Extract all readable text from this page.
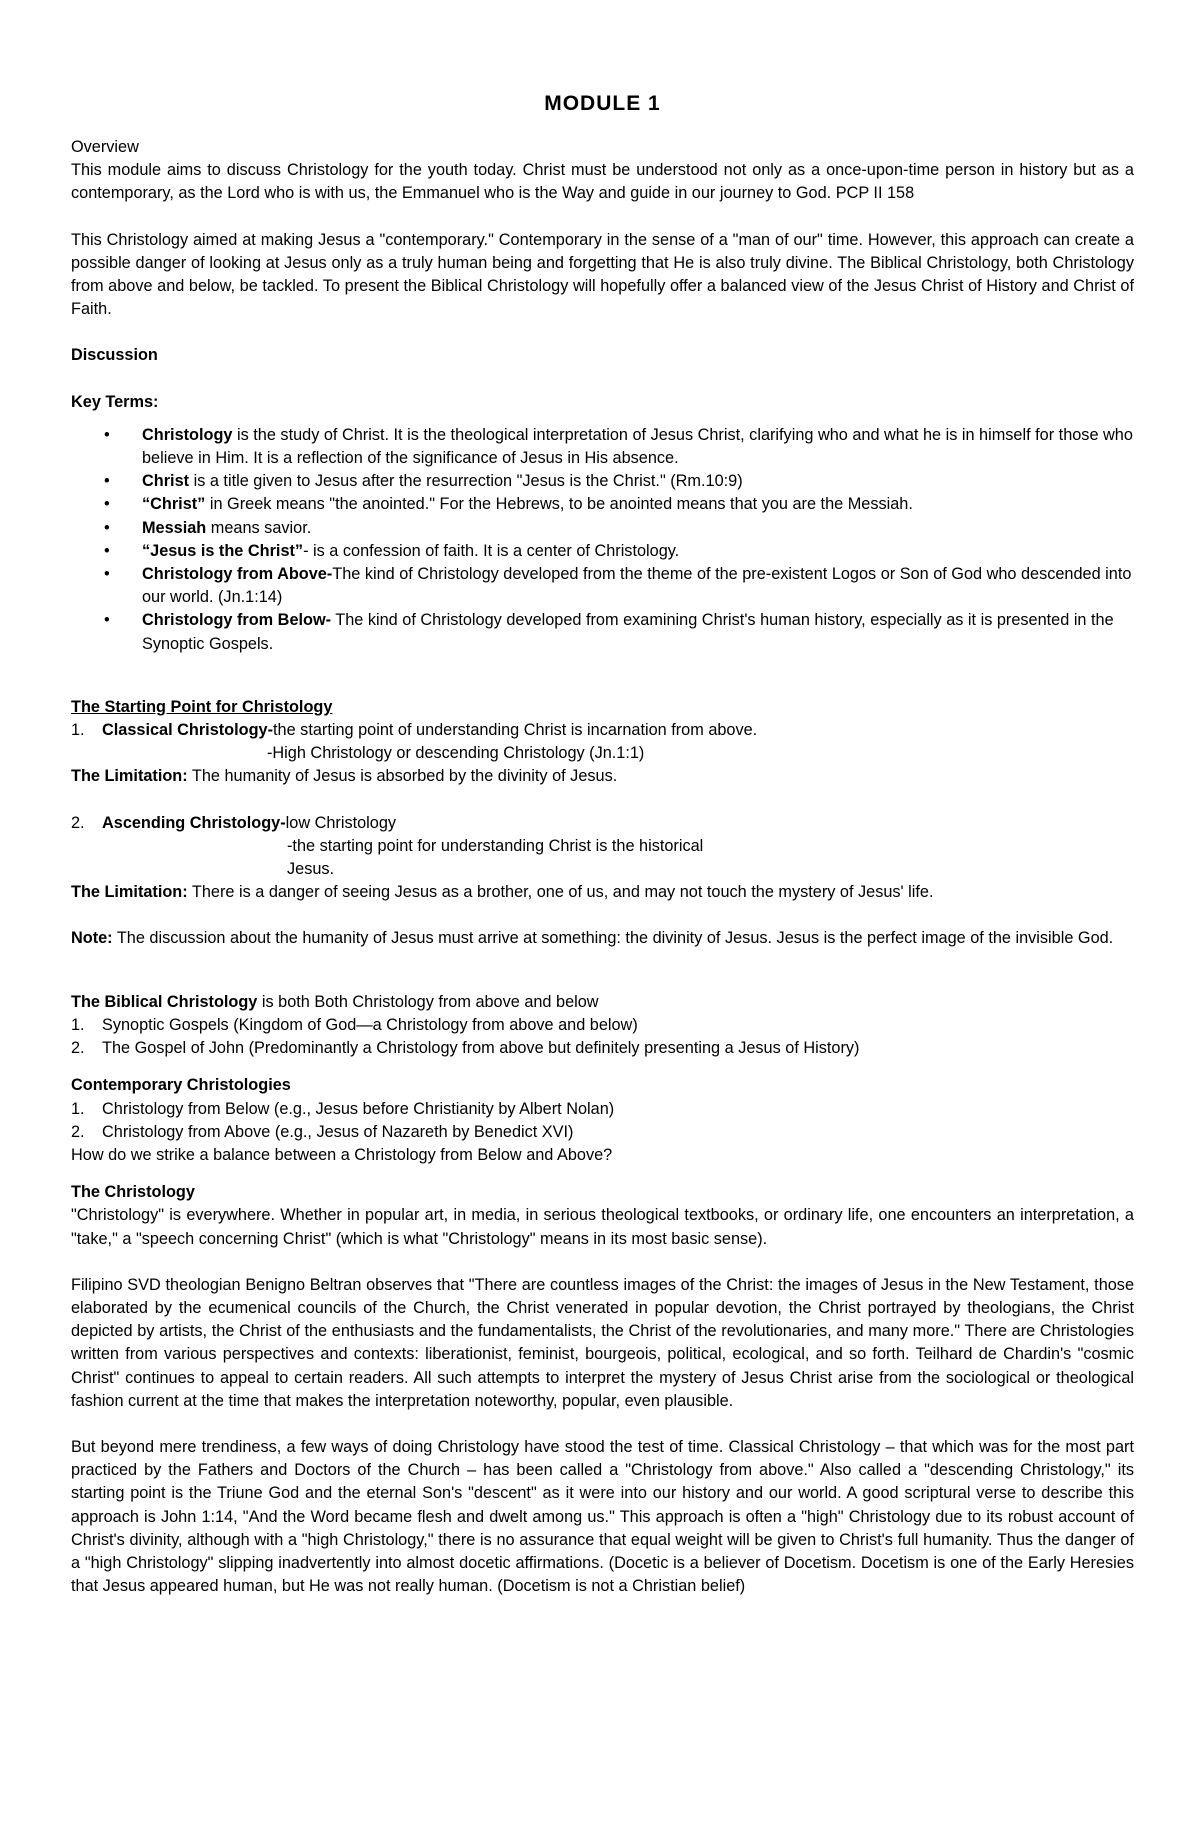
MODULE 1

Overview

This module aims to discuss Christology for the youth today. Christ must be understood not only as a once-upon-time person in history but as a contemporary, as the Lord who is with us, the Emmanuel who is the Way and guide in our journey to God. PCP II 158

This Christology aimed at making Jesus a "contemporary." Contemporary in the sense of a "man of our" time. However, this approach can create a possible danger of looking at Jesus only as a truly human being and forgetting that He is also truly divine. The Biblical Christology, both Christology from above and below, be tackled. To present the Biblical Christology will hopefully offer a balanced view of the Jesus Christ of History and Christ of Faith.

Discussion

Key Terms:

• Christology is the study of Christ. It is the theological interpretation of Jesus Christ, clarifying who and what he is in himself for those who believe in Him. It is a reflection of the significance of Jesus in His absence.
• Christ is a title given to Jesus after the resurrection "Jesus is the Christ." (Rm.10:9)
• “Christ” in Greek means "the anointed." For the Hebrews, to be anointed means that you are the Messiah.
• Messiah means savior.
• “Jesus is the Christ”- is a confession of faith. It is a center of Christology.
• Christology from Above-The kind of Christology developed from the theme of the pre-existent Logos or Son of God who descended into our world. (Jn.1:14)
• Christology from Below- The kind of Christology developed from examining Christ's human history, especially as it is presented in the Synoptic Gospels.

The Starting Point for Christology

1. Classical Christology-the starting point of understanding Christ is incarnation from above.

-High Christology or descending Christology (Jn.1:1)

The Limitation: The humanity of Jesus is absorbed by the divinity of Jesus.

2. Ascending Christology-low Christology

-the starting point for understanding Christ is the historical

Jesus.

The Limitation: There is a danger of seeing Jesus as a brother, one of us, and may not touch the mystery of Jesus' life.

Note: The discussion about the humanity of Jesus must arrive at something: the divinity of Jesus. Jesus is the perfect image of the invisible God.

The Biblical Christology is both Both Christology from above and below

1. Synoptic Gospels (Kingdom of God—a Christology from above and below)

2. The Gospel of John (Predominantly a Christology from above but definitely presenting a Jesus of History)

Contemporary Christologies

1. Christology from Below (e.g., Jesus before Christianity by Albert Nolan)

2. Christology from Above (e.g., Jesus of Nazareth by Benedict XVI)

How do we strike a balance between a Christology from Below and Above?

The Christology

"Christology" is everywhere. Whether in popular art, in media, in serious theological textbooks, or ordinary life, one encounters an interpretation, a "take," a "speech concerning Christ" (which is what "Christology" means in its most basic sense).

Filipino SVD theologian Benigno Beltran observes that "There are countless images of the Christ: the images of Jesus in the New Testament, those elaborated by the ecumenical councils of the Church, the Christ venerated in popular devotion, the Christ portrayed by theologians, the Christ depicted by artists, the Christ of the enthusiasts and the fundamentalists, the Christ of the revolutionaries, and many more." There are Christologies written from various perspectives and contexts: liberationist, feminist, bourgeois, political, ecological, and so forth. Teilhard de Chardin's "cosmic Christ" continues to appeal to certain readers. All such attempts to interpret the mystery of Jesus Christ arise from the sociological or theological fashion current at the time that makes the interpretation noteworthy, popular, even plausible.

But beyond mere trendiness, a few ways of doing Christology have stood the test of time. Classical Christology – that which was for the most part practiced by the Fathers and Doctors of the Church – has been called a "Christology from above." Also called a "descending Christology," its starting point is the Triune God and the eternal Son's "descent" as it were into our history and our world. A good scriptural verse to describe this approach is John 1:14, "And the Word became flesh and dwelt among us." This approach is often a "high" Christology due to its robust account of Christ's divinity, although with a "high Christology," there is no assurance that equal weight will be given to Christ's full humanity. Thus the danger of a "high Christology" slipping inadvertently into almost docetic affirmations. (Docetic is a believer of Docetism. Docetism is one of the Early Heresies that Jesus appeared human, but He was not really human. (Docetism is not a Christian belief)
